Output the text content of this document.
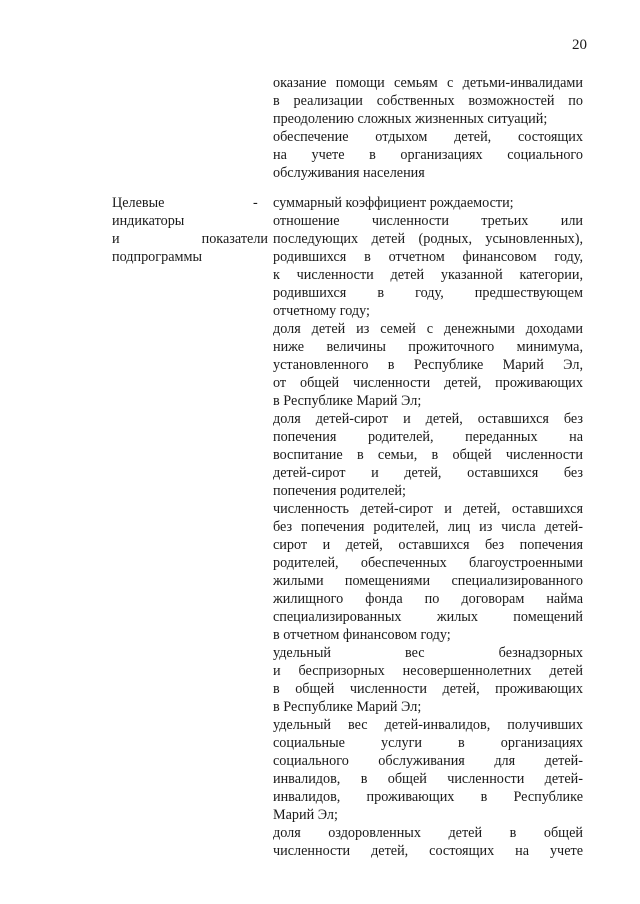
20
оказание помощи семьям с детьми-инвалидами
в реализации собственных возможностей по
преодолению сложных жизненных ситуаций;
обеспечение отдыхом детей, состоящих
на учете в организациях социального
обслуживания населения
Целевые
индикаторы
и показатели
подпрограммы
- суммарный коэффициент рождаемости;
отношение численности третьих или
последующих детей (родных, усыновленных),
родившихся в отчетном финансовом году,
к численности детей указанной категории,
родившихся в году, предшествующем
отчетному году;
доля детей из семей с денежными доходами
ниже величины прожиточного минимума,
установленного в Республике Марий Эл,
от общей численности детей, проживающих
в Республике Марий Эл;
доля детей-сирот и детей, оставшихся без
попечения родителей, переданных на
воспитание в семьи, в общей численности
детей-сирот и детей, оставшихся без
попечения родителей;
численность детей-сирот и детей, оставшихся
без попечения родителей, лиц из числа детей-
сирот и детей, оставшихся без попечения
родителей, обеспеченных благоустроенными
жилыми помещениями специализированного
жилищного фонда по договорам найма
специализированных жилых помещений
в отчетном финансовом году;
удельный вес безнадзорных
и беспризорных несовершеннолетних детей
в общей численности детей, проживающих
в Республике Марий Эл;
удельный вес детей-инвалидов, получивших
социальные услуги в организациях
социального обслуживания для детей-
инвалидов, в общей численности детей-
инвалидов, проживающих в Республике
Марий Эл;
доля оздоровленных детей в общей
численности детей, состоящих на учете
